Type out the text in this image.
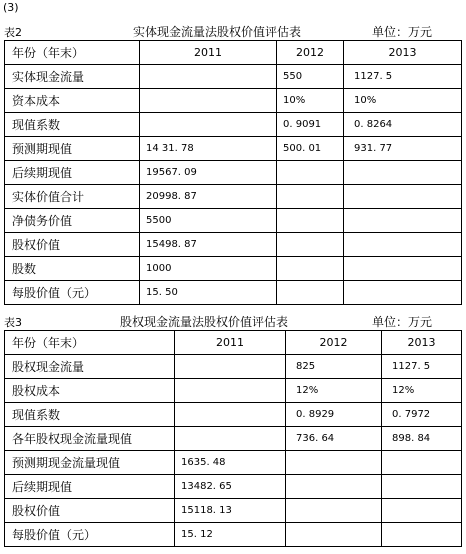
(3)
表2	实体现金流量法股权价值评估表	单位：万元
年份（年末）	2011	2012	2013
实体现金流量		550	1127. 5
资本成本		10%	10%
现值系数		0. 9091	0. 8264
预测期现值	14 31. 78	500. 01	931. 77
后续期现值	19567. 09		
实体价值合计	20998. 87		
净债务价值	5500		
股权价值	15498. 87		
股数	1000		
每股价值（元）	15. 50		
表3	股权现金流量法股权价值评估表	单位：万元
年份（年末）	2011	2012	2013
股权现金流量		825	1127. 5
股权成本		12%	12%
现值系数		0. 8929	0. 7972
各年股权现金流量现值		736. 64	898. 84
预测期现金流量现值	1635. 48		
后续期现值	13482. 65		
股权价值	15118. 13		
每股价值（元）	15. 12		
